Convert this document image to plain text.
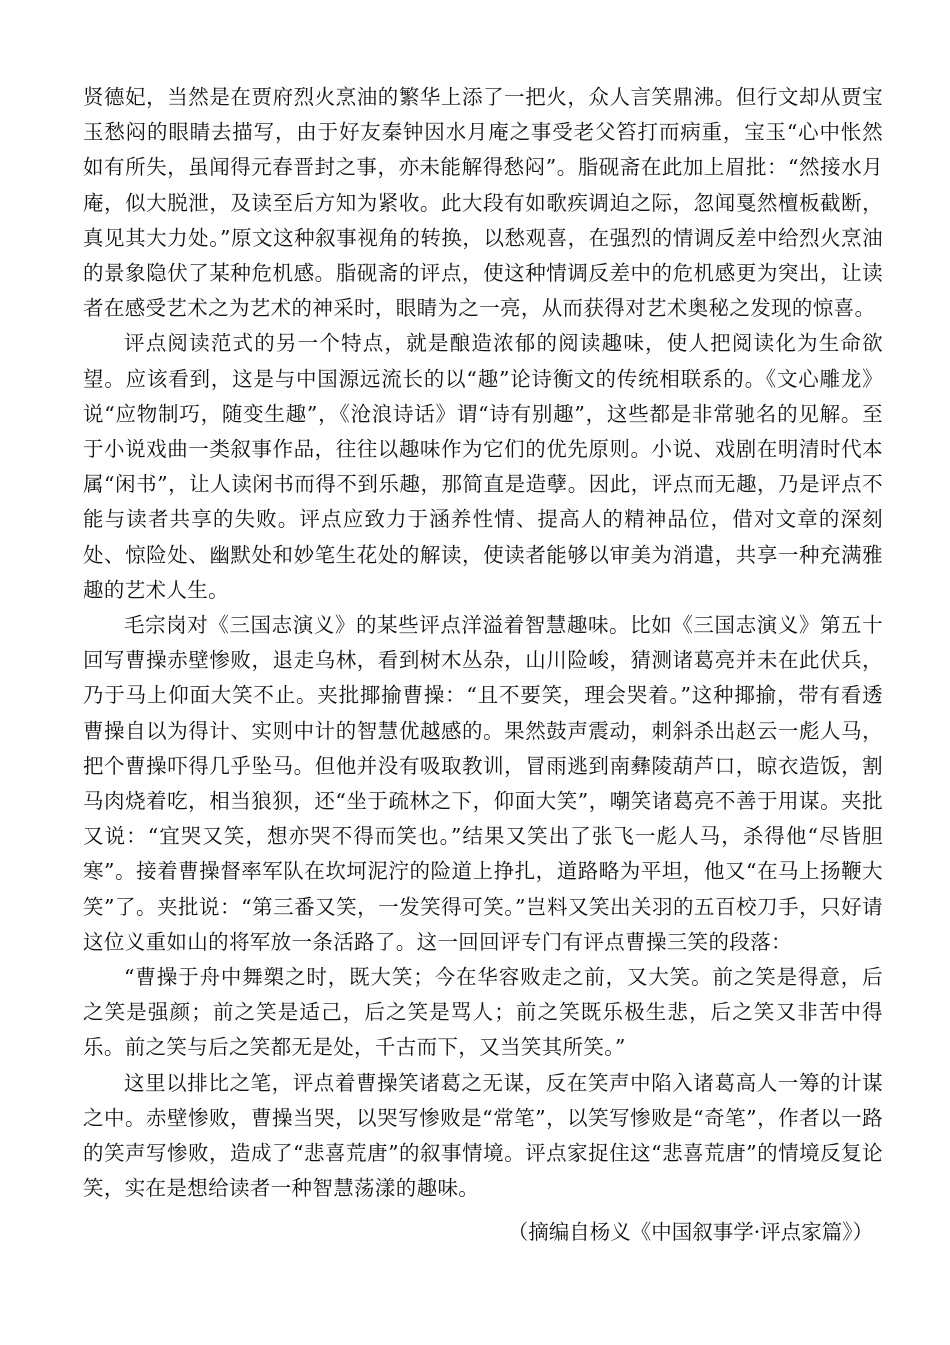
贤德妃，当然是在贾府烈火烹油的繁华上添了一把火，众人言笑鼎沸。但行文却从贾宝玉愁闷的眼睛去描写，由于好友秦钟因水月庵之事受老父笞打而病重，宝玉“心中怅然如有所失，虽闻得元春晋封之事，亦未能解得愁闷”。脂砚斋在此加上眉批：“然接水月庵，似大脱泄，及读至后方知为紧收。此大段有如歌疾调迫之际，忽闻戛然檀板截断，真见其大力处。”原文这种叙事视角的转换，以愁观喜，在强烈的情调反差中给烈火烹油的景象隐伏了某种危机感。脂砚斋的评点，使这种情调反差中的危机感更为突出，让读者在感受艺术之为艺术的神采时，眼睛为之一亮，从而获得对艺术奥秘之发现的惊喜。

评点阅读范式的另一个特点，就是酿造浓郁的阅读趣味，使人把阅读化为生命欲望。应该看到，这是与中国源远流长的以“趣”论诗衡文的传统相联系的。《文心雕龙》说“应物制巧，随变生趣”，《沧浪诗话》谓“诗有别趣”，这些都是非常驰名的见解。至于小说戏曲一类叙事作品，往往以趣味作为它们的优先原则。小说、戏剧在明清时代本属“闲书”，让人读闲书而得不到乐趣，那简直是造孽。因此，评点而无趣，乃是评点不能与读者共享的失败。评点应致力于涵养性情、提高人的精神品位，借对文章的深刻处、惊险处、幽默处和妙笔生花处的解读，使读者能够以审美为消遣，共享一种充满雅趣的艺术人生。

毛宗岗对《三国志演义》的某些评点洋溢着智慧趣味。比如《三国志演义》第五十回写曹操赤壁惨败，退走乌林，看到树木丛杂，山川险峻，猜测诸葛亮并未在此伏兵，乃于马上仰面大笑不止。夹批揶揄曹操：“且不要笑，理会哭着。”这种揶揄，带有看透曹操自以为得计、实则中计的智慧优越感的。果然鼓声震动，刺斜杀出赵云一彪人马，把个曹操吓得几乎坠马。但他并没有吸取教训，冒雨逃到南彝陵葫芦口，晾衣造饭，割马肉烧着吃，相当狼狈，还“坐于疏林之下，仰面大笑”，嘲笑诸葛亮不善于用谋。夹批又说：“宜哭又笑，想亦哭不得而笑也。”结果又笑出了张飞一彪人马，杀得他“尽皆胆寒”。接着曹操督率军队在坎坷泥泞的险道上挣扎，道路略为平坦，他又“在马上扬鞭大笑”了。夹批说：“第三番又笑，一发笑得可笑。”岂料又笑出关羽的五百校刀手，只好请这位义重如山的将军放一条活路了。这一回回评专门有评点曹操三笑的段落：

“曹操于舟中舞槊之时，既大笑；今在华容败走之前，又大笑。前之笑是得意，后之笑是强颜；前之笑是适己，后之笑是骂人；前之笑既乐极生悲，后之笑又非苦中得乐。前之笑与后之笑都无是处，千古而下，又当笑其所笑。”

这里以排比之笔，评点着曹操笑诸葛之无谋，反在笑声中陷入诸葛高人一筹的计谋之中。赤壁惨败，曹操当哭，以哭写惨败是“常笔”，以笑写惨败是“奇笔”，作者以一路的笑声写惨败，造成了“悲喜荒唐”的叙事情境。评点家捉住这“悲喜荒唐”的情境反复论笑，实在是想给读者一种智慧荡漾的趣味。

（摘编自杨义《中国叙事学·评点家篇》）
